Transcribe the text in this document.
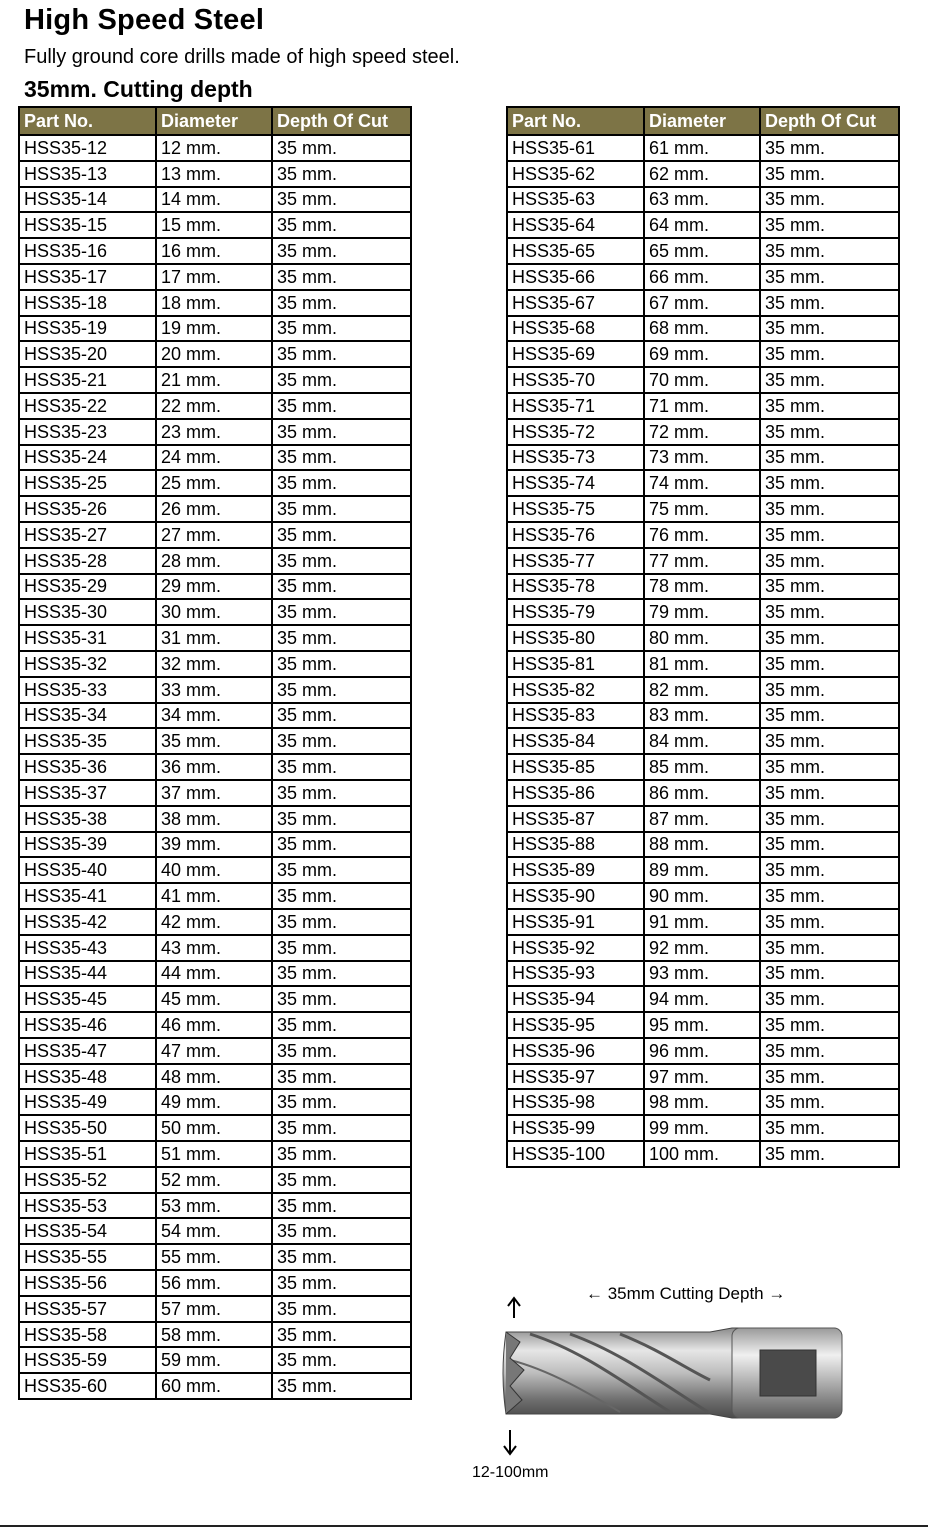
High Speed Steel

Fully ground core drills made of high speed steel.

35mm. Cutting depth
Part No.	Diameter	Depth Of Cut
HSS35-12	12 mm.	35 mm.
HSS35-13	13 mm.	35 mm.
HSS35-14	14 mm.	35 mm.
HSS35-15	15 mm.	35 mm.
HSS35-16	16 mm.	35 mm.
HSS35-17	17 mm.	35 mm.
HSS35-18	18 mm.	35 mm.
HSS35-19	19 mm.	35 mm.
HSS35-20	20 mm.	35 mm.
HSS35-21	21 mm.	35 mm.
HSS35-22	22 mm.	35 mm.
HSS35-23	23 mm.	35 mm.
HSS35-24	24 mm.	35 mm.
HSS35-25	25 mm.	35 mm.
HSS35-26	26 mm.	35 mm.
HSS35-27	27 mm.	35 mm.
HSS35-28	28 mm.	35 mm.
HSS35-29	29 mm.	35 mm.
HSS35-30	30 mm.	35 mm.
HSS35-31	31 mm.	35 mm.
HSS35-32	32 mm.	35 mm.
HSS35-33	33 mm.	35 mm.
HSS35-34	34 mm.	35 mm.
HSS35-35	35 mm.	35 mm.
HSS35-36	36 mm.	35 mm.
HSS35-37	37 mm.	35 mm.
HSS35-38	38 mm.	35 mm.
HSS35-39	39 mm.	35 mm.
HSS35-40	40 mm.	35 mm.
HSS35-41	41 mm.	35 mm.
HSS35-42	42 mm.	35 mm.
HSS35-43	43 mm.	35 mm.
HSS35-44	44 mm.	35 mm.
HSS35-45	45 mm.	35 mm.
HSS35-46	46 mm.	35 mm.
HSS35-47	47 mm.	35 mm.
HSS35-48	48 mm.	35 mm.
HSS35-49	49 mm.	35 mm.
HSS35-50	50 mm.	35 mm.
HSS35-51	51 mm.	35 mm.
HSS35-52	52 mm.	35 mm.
HSS35-53	53 mm.	35 mm.
HSS35-54	54 mm.	35 mm.
HSS35-55	55 mm.	35 mm.
HSS35-56	56 mm.	35 mm.
HSS35-57	57 mm.	35 mm.
HSS35-58	58 mm.	35 mm.
HSS35-59	59 mm.	35 mm.
HSS35-60	60 mm.	35 mm.
Part No.	Diameter	Depth Of Cut
HSS35-61	61 mm.	35 mm.
HSS35-62	62 mm.	35 mm.
HSS35-63	63 mm.	35 mm.
HSS35-64	64 mm.	35 mm.
HSS35-65	65 mm.	35 mm.
HSS35-66	66 mm.	35 mm.
HSS35-67	67 mm.	35 mm.
HSS35-68	68 mm.	35 mm.
HSS35-69	69 mm.	35 mm.
HSS35-70	70 mm.	35 mm.
HSS35-71	71 mm.	35 mm.
HSS35-72	72 mm.	35 mm.
HSS35-73	73 mm.	35 mm.
HSS35-74	74 mm.	35 mm.
HSS35-75	75 mm.	35 mm.
HSS35-76	76 mm.	35 mm.
HSS35-77	77 mm.	35 mm.
HSS35-78	78 mm.	35 mm.
HSS35-79	79 mm.	35 mm.
HSS35-80	80 mm.	35 mm.
HSS35-81	81 mm.	35 mm.
HSS35-82	82 mm.	35 mm.
HSS35-83	83 mm.	35 mm.
HSS35-84	84 mm.	35 mm.
HSS35-85	85 mm.	35 mm.
HSS35-86	86 mm.	35 mm.
HSS35-87	87 mm.	35 mm.
HSS35-88	88 mm.	35 mm.
HSS35-89	89 mm.	35 mm.
HSS35-90	90 mm.	35 mm.
HSS35-91	91 mm.	35 mm.
HSS35-92	92 mm.	35 mm.
HSS35-93	93 mm.	35 mm.
HSS35-94	94 mm.	35 mm.
HSS35-95	95 mm.	35 mm.
HSS35-96	96 mm.	35 mm.
HSS35-97	97 mm.	35 mm.
HSS35-98	98 mm.	35 mm.
HSS35-99	99 mm.	35 mm.
HSS35-100	100 mm.	35 mm.
← 35mm Cutting Depth →
12-100mm
